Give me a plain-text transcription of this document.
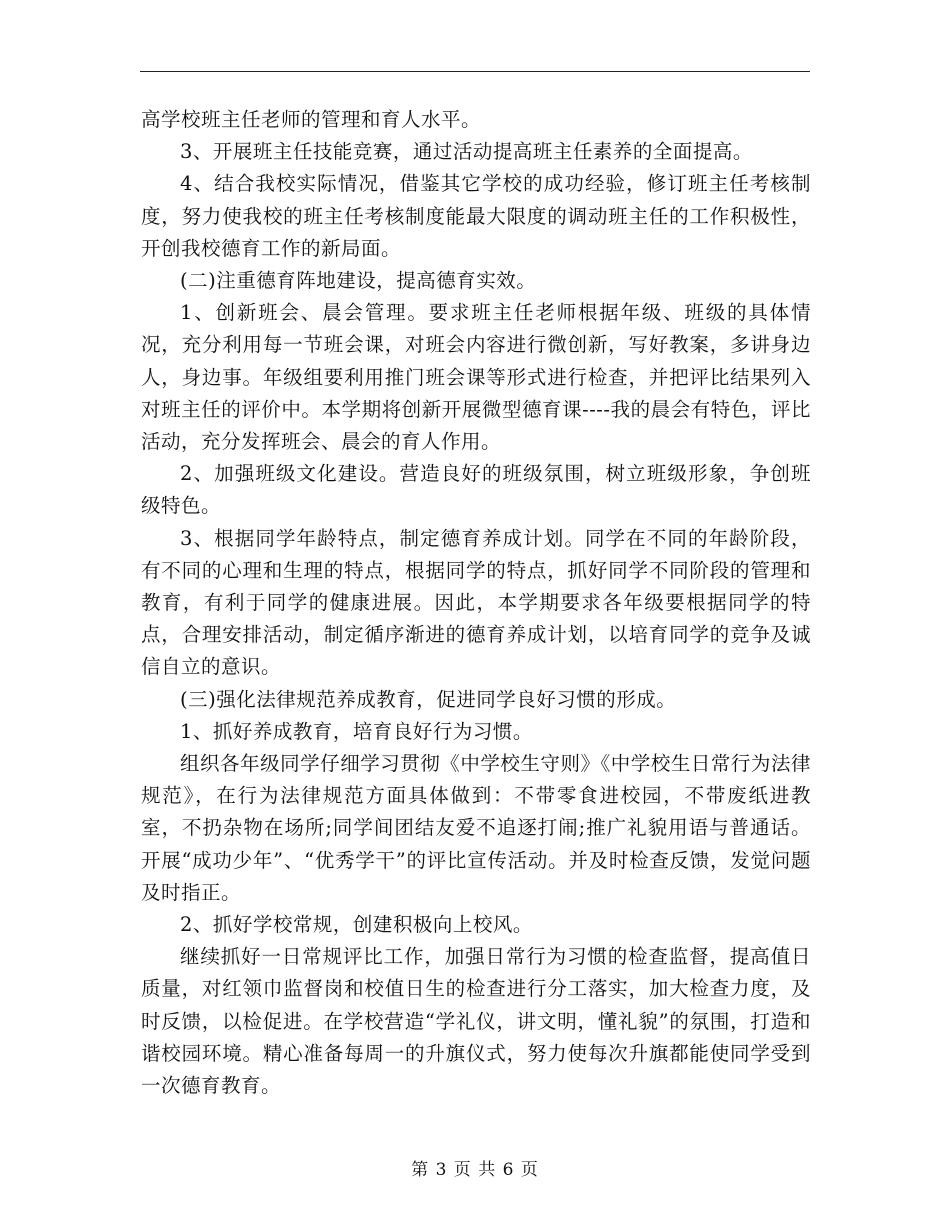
高学校班主任老师的管理和育人水平。

3、开展班主任技能竞赛，通过活动提高班主任素养的全面提高。

4、结合我校实际情况，借鉴其它学校的成功经验，修订班主任考核制度，努力使我校的班主任考核制度能最大限度的调动班主任的工作积极性，开创我校德育工作的新局面。

(二)注重德育阵地建设，提高德育实效。

1、创新班会、晨会管理。要求班主任老师根据年级、班级的具体情况，充分利用每一节班会课，对班会内容进行微创新，写好教案，多讲身边人，身边事。年级组要利用推门班会课等形式进行检查，并把评比结果列入对班主任的评价中。本学期将创新开展微型德育课----我的晨会有特色，评比活动，充分发挥班会、晨会的育人作用。

2、加强班级文化建设。营造良好的班级氛围，树立班级形象，争创班级特色。

3、根据同学年龄特点，制定德育养成计划。同学在不同的年龄阶段，有不同的心理和生理的特点，根据同学的特点，抓好同学不同阶段的管理和教育，有利于同学的健康进展。因此，本学期要求各年级要根据同学的特点，合理安排活动，制定循序渐进的德育养成计划，以培育同学的竞争及诚信自立的意识。

(三)强化法律规范养成教育，促进同学良好习惯的形成。

1、抓好养成教育，培育良好行为习惯。

组织各年级同学仔细学习贯彻《中学校生守则》《中学校生日常行为法律规范》，在行为法律规范方面具体做到：不带零食进校园，不带废纸进教室，不扔杂物在场所;同学间团结友爱不追逐打闹;推广礼貌用语与普通话。开展“成功少年”、“优秀学干”的评比宣传活动。并及时检查反馈，发觉问题及时指正。

2、抓好学校常规，创建积极向上校风。

继续抓好一日常规评比工作，加强日常行为习惯的检查监督，提高值日质量，对红领巾监督岗和校值日生的检查进行分工落实，加大检查力度，及时反馈，以检促进。在学校营造“学礼仪，讲文明，懂礼貌”的氛围，打造和谐校园环境。精心准备每周一的升旗仪式，努力使每次升旗都能使同学受到一次德育教育。

第 3 页 共 6 页
